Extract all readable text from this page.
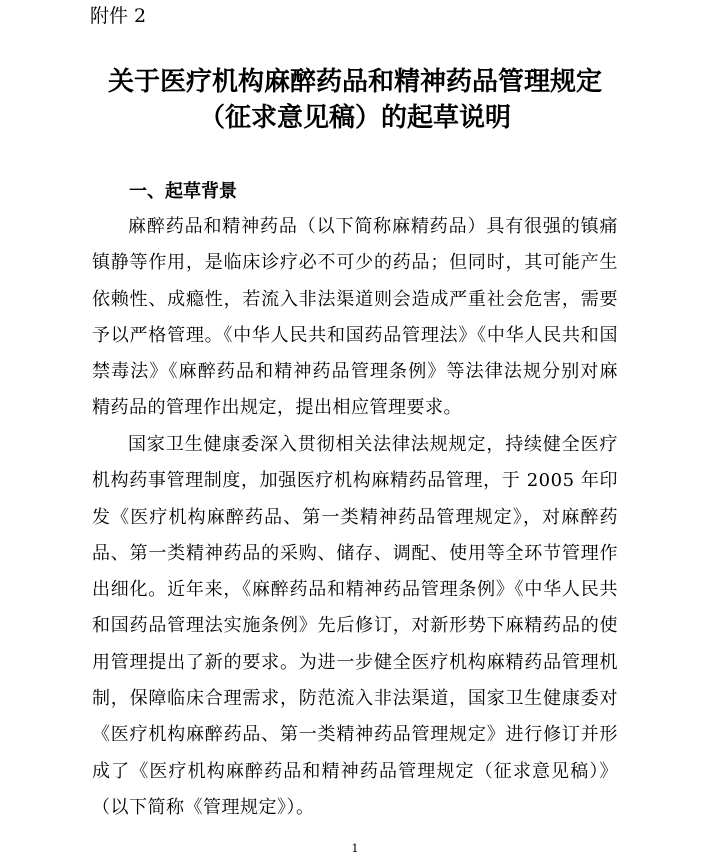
附件 2
关于医疗机构麻醉药品和精神药品管理规定
（征求意见稿）的起草说明
一、起草背景

麻醉药品和精神药品（以下简称麻精药品）具有很强的镇痛镇静等作用，是临床诊疗必不可少的药品；但同时，其可能产生依赖性、成瘾性，若流入非法渠道则会造成严重社会危害，需要予以严格管理。《中华人民共和国药品管理法》《中华人民共和国禁毒法》《麻醉药品和精神药品管理条例》等法律法规分别对麻精药品的管理作出规定，提出相应管理要求。

国家卫生健康委深入贯彻相关法律法规规定，持续健全医疗机构药事管理制度，加强医疗机构麻精药品管理，于 2005 年印发《医疗机构麻醉药品、第一类精神药品管理规定》，对麻醉药品、第一类精神药品的采购、储存、调配、使用等全环节管理作出细化。近年来，《麻醉药品和精神药品管理条例》《中华人民共和国药品管理法实施条例》先后修订，对新形势下麻精药品的使用管理提出了新的要求。为进一步健全医疗机构麻精药品管理机制，保障临床合理需求，防范流入非法渠道，国家卫生健康委对《医疗机构麻醉药品、第一类精神药品管理规定》进行修订并形成了《医疗机构麻醉药品和精神药品管理规定（征求意见稿）》（以下简称《管理规定》）。

1
